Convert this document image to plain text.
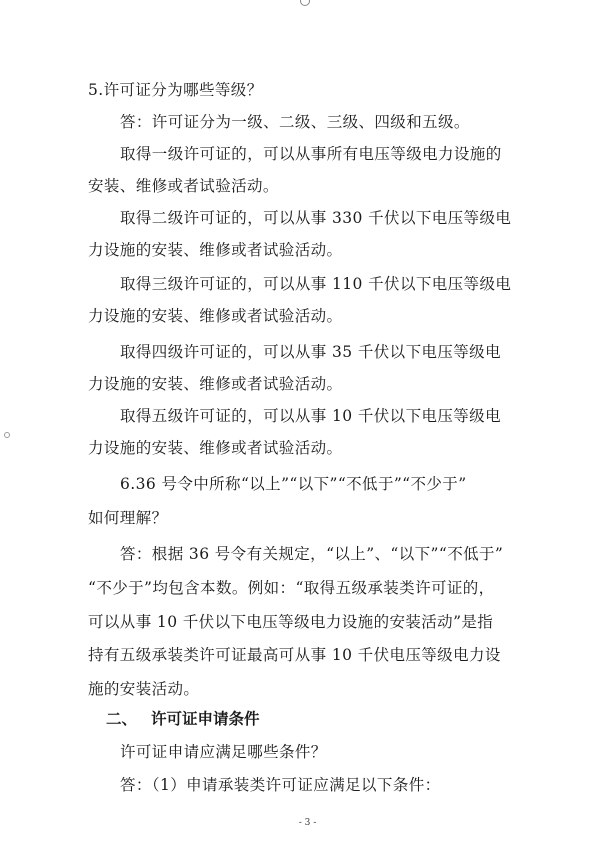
5.许可证分为哪些等级？
答：许可证分为一级、二级、三级、四级和五级。
取得一级许可证的，可以从事所有电压等级电力设施的
安装、维修或者试验活动。
取得二级许可证的，可以从事 330 千伏以下电压等级电
力设施的安装、维修或者试验活动。
取得三级许可证的，可以从事 110 千伏以下电压等级电
力设施的安装、维修或者试验活动。
取得四级许可证的，可以从事 35 千伏以下电压等级电
力设施的安装、维修或者试验活动。
取得五级许可证的，可以从事 10 千伏以下电压等级电
力设施的安装、维修或者试验活动。
6.36 号令中所称“以上”“以下”“不低于”“不少于”
如何理解？
答：根据 36 号令有关规定，“以上”、“以下”“不低于”
“不少于”均包含本数。例如：“取得五级承装类许可证的，
可以从事 10 千伏以下电压等级电力设施的安装活动”是指
持有五级承装类许可证最高可从事 10 千伏电压等级电力设
施的安装活动。
二、 许可证申请条件
许可证申请应满足哪些条件？
答：（1）申请承装类许可证应满足以下条件：
- 3 -
